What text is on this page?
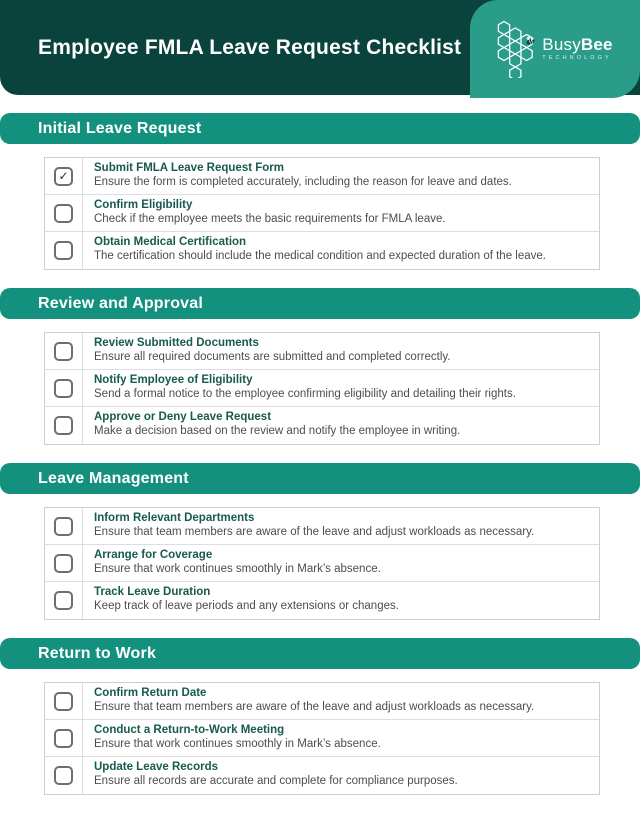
Employee FMLA Leave Request Checklist	BusyBee
TECHNOLOGY
Initial Leave Request
✓
Submit FMLA Leave Request Form
Ensure the form is completed accurately, including the reason for leave and dates.
Confirm Eligibility
Check if the employee meets the basic requirements for FMLA leave.
Obtain Medical Certification
The certification should include the medical condition and expected duration of the leave.
Review and Approval
Review Submitted Documents
Ensure all required documents are submitted and completed correctly.
Notify Employee of Eligibility
Send a formal notice to the employee confirming eligibility and detailing their rights.
Approve or Deny Leave Request
Make a decision based on the review and notify the employee in writing.
Leave Management
Inform Relevant Departments
Ensure that team members are aware of the leave and adjust workloads as necessary.
Arrange for Coverage
Ensure that work continues smoothly in Mark’s absence.
Track Leave Duration
Keep track of leave periods and any extensions or changes.
Return to Work
Confirm Return Date
Ensure that team members are aware of the leave and adjust workloads as necessary.
Conduct a Return-to-Work Meeting
Ensure that work continues smoothly in Mark’s absence.
Update Leave Records
Ensure all records are accurate and complete for compliance purposes.
